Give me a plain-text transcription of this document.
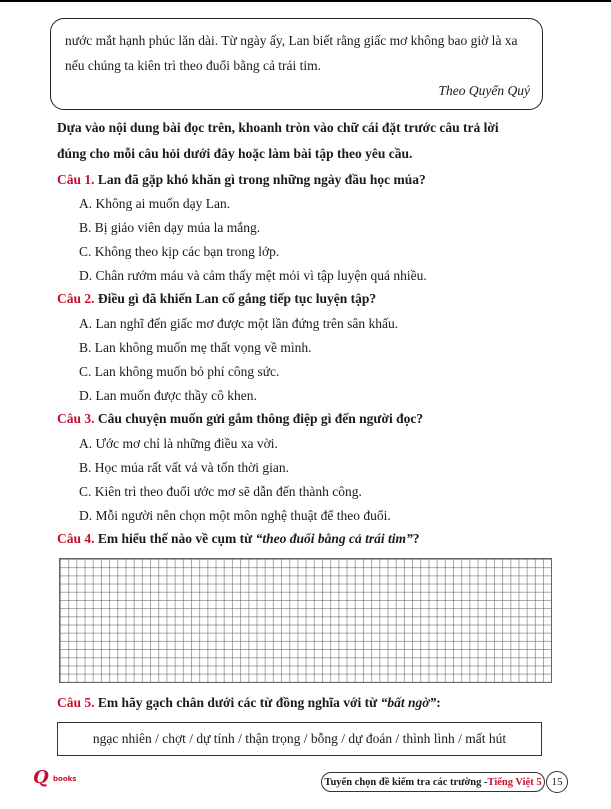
nước mắt hạnh phúc lăn dài. Từ ngày ấy, Lan biết rằng giấc mơ không bao giờ là xa
nếu chúng ta kiên trì theo đuổi bằng cả trái tim.
Theo Quyển Quý
Dựa vào nội dung bài đọc trên, khoanh tròn vào chữ cái đặt trước câu trả lời
đúng cho mỗi câu hỏi dưới đây hoặc làm bài tập theo yêu cầu.
Câu 1. Lan đã gặp khó khăn gì trong những ngày đầu học múa?
A. Không ai muốn dạy Lan.
B. Bị giáo viên dạy múa la mắng.
C. Không theo kịp các bạn trong lớp.
D. Chân rướm máu và cảm thấy mệt mỏi vì tập luyện quá nhiều.
Câu 2. Điều gì đã khiến Lan cố gắng tiếp tục luyện tập?
A. Lan nghĩ đến giấc mơ được một lần đứng trên sân khấu.
B. Lan không muốn mẹ thất vọng về mình.
C. Lan không muốn bỏ phí công sức.
D. Lan muốn được thầy cô khen.
Câu 3. Câu chuyện muốn gửi gắm thông điệp gì đến người đọc?
A. Ước mơ chỉ là những điều xa vời.
B. Học múa rất vất vả và tốn thời gian.
C. Kiên trì theo đuổi ước mơ sẽ dẫn đến thành công.
D. Mỗi người nên chọn một môn nghệ thuật để theo đuổi.
Câu 4. Em hiểu thế nào về cụm từ “theo đuổi bằng cả trái tim”?
Câu 5. Em hãy gạch chân dưới các từ đồng nghĩa với từ “bất ngờ”:
ngạc nhiên / chợt / dự tính / thận trọng / bỗng / dự đoán / thình lình / mất hút
Q books	Tuyển chọn đề kiểm tra các trường - Tiếng Việt 5 15
